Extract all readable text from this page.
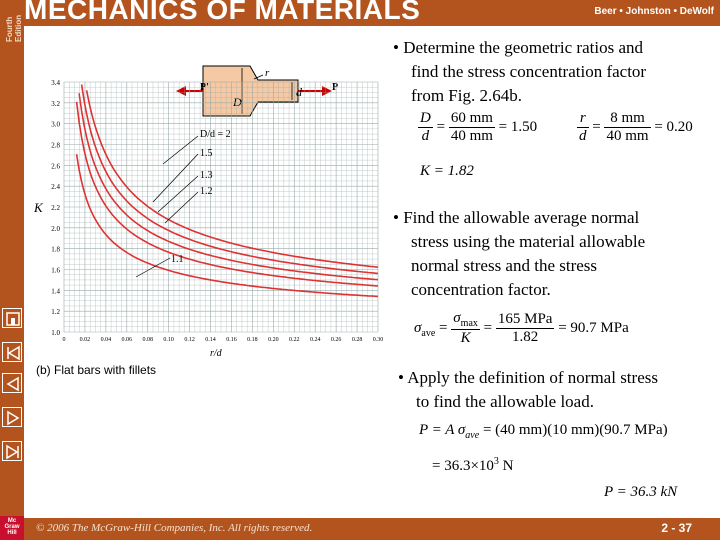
Fourth Edition
MECHANICS OF MATERIALS	Beer • Johnston • DeWolf
© 2006 The McGraw-Hill Companies, Inc. All rights reserved.	2 - 37
Mc Graw Hill
P'	P
D
d
r
3.4
3.2
3.0
2.8
2.6
2.4
2.2
2.0
1.8
1.6
1.4
1.2
1.0
0 0.02 0.04 0.06 0.08 0.10 0.12 0.14 0.16 0.18 0.20 0.22 0.24 0.26 0.28 0.30
K
r/d
D/d = 2
1.5
1.3
1.2
1.1
(b) Flat bars with fillets
• Determine the geometric ratios and
find the stress concentration factor
from Fig. 2.64b.
$\frac{D}{d} = \frac{60 mm}{40 mm} = 1.50$	$\frac{r}{d} = \frac{8 mm}{40 mm} = 0.20$
K = 1.82
• Find the allowable average normal
stress using the material allowable
normal stress and the stress
concentration factor.
$\sigma_{ave} = \frac{\sigma_{max}}{K} = \frac{\text{165 MPa}}{1.82} = 90.7$ MPa
• Apply the definition of normal stress
to find the allowable load.
P = A $\sigma_{ave} = (40$ mm)(10 mm)(90.7 MPa)
= $36.3\times 10^3$ N
P = 36.3 kN
